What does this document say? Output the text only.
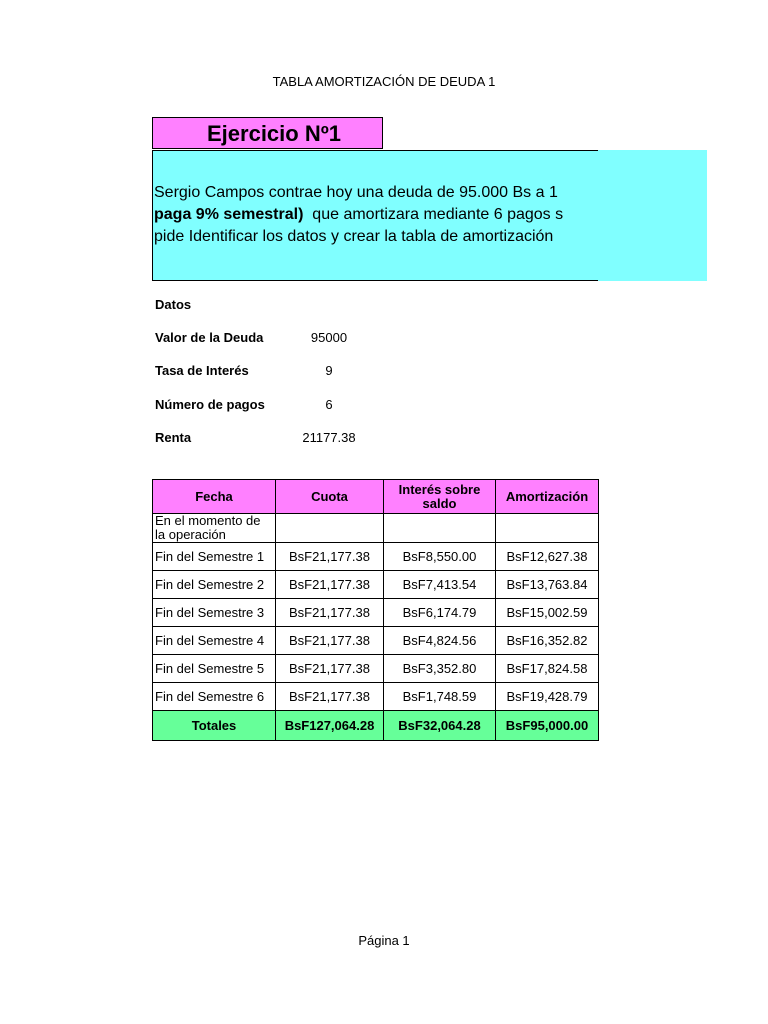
TABLA AMORTIZACIÓN DE DEUDA 1
Ejercicio Nº1
Sergio Campos contrae hoy una deuda de 95.000 Bs a 1
paga 9% semestral)  que amortizara mediante 6 pagos s
pide Identificar los datos y crear la tabla de amortización
Datos
Valor de la Deuda	95000
Tasa de Interés	9
Número de pagos	6
Renta	21177.38
Fecha	Cuota	Interés sobre saldo	Amortización
En el momento de la operación			
Fin del Semestre 1	BsF21,177.38	BsF8,550.00	BsF12,627.38
Fin del Semestre 2	BsF21,177.38	BsF7,413.54	BsF13,763.84
Fin del Semestre 3	BsF21,177.38	BsF6,174.79	BsF15,002.59
Fin del Semestre 4	BsF21,177.38	BsF4,824.56	BsF16,352.82
Fin del Semestre 5	BsF21,177.38	BsF3,352.80	BsF17,824.58
Fin del Semestre 6	BsF21,177.38	BsF1,748.59	BsF19,428.79
Totales	BsF127,064.28	BsF32,064.28	BsF95,000.00
Página 1
